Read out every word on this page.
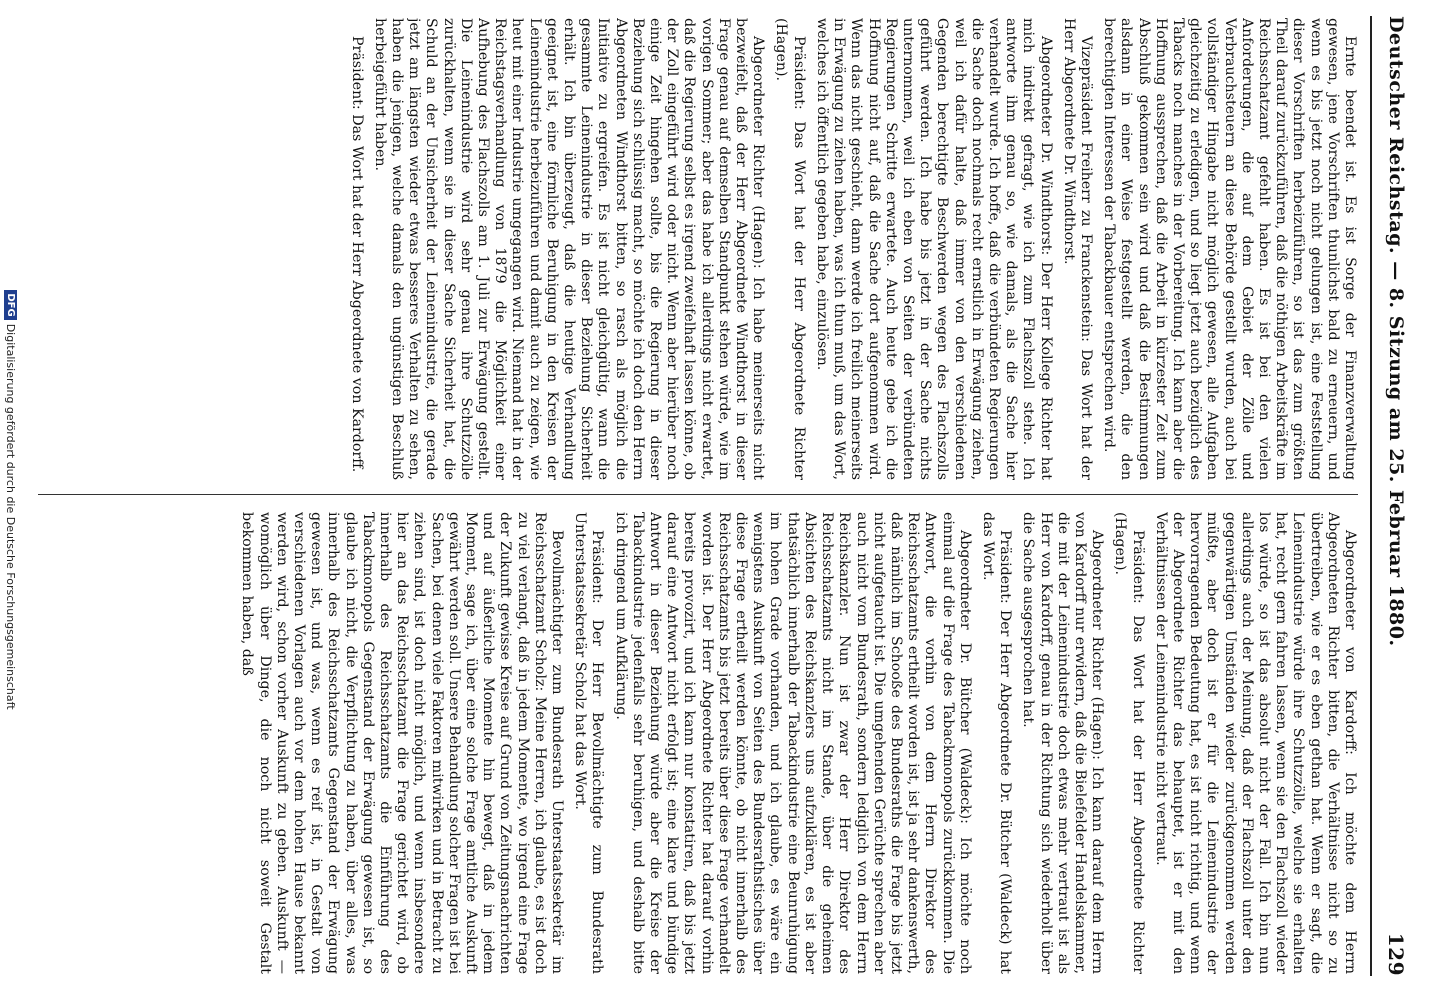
Deutscher Reichstag. — 8. Sitzung am 25. Februar 1880.
129

Ernte beendet ist. Es ist Sorge der Finanzverwaltung gewesen, jene Vorschriften thunlichst bald zu erneuern, und wenn es bis jetzt noch nicht gelungen ist, eine Feststellung dieser Vorschriften herbeizuführen, so ist das zum größten Theil darauf zurückzuführen, daß die nöthigen Arbeitskräfte im Reichsschatzamt gefehlt haben. Es ist bei den vielen Anforderungen, die auf dem Gebiet der Zölle und Verbrauchsteuern an diese Behörde gestellt wurden, auch bei vollständiger Hingabe nicht möglich gewesen, alle Aufgaben gleichzeitig zu erledigen, und so liegt jetzt auch bezüglich des Tabacks noch manches in der Vorbereitung. Ich kann aber die Hoffnung aussprechen, daß die Arbeit in kürzester Zeit zum Abschluß gekommen sein wird und daß die Bestimmungen alsdann in einer Weise festgestellt werden, die den berechtigten Interessen der Tabackbauer entsprechen wird.

Vizepräsident Freiherr zu Franckenstein: Das Wort hat der Herr Abgeordnete Dr. Windthorst.

Abgeordneter Dr. Windthorst: Der Herr Kollege Richter hat mich indirekt gefragt, wie ich zum Flachszoll stehe. Ich antworte ihm genau so, wie damals, als die Sache hier verhandelt wurde. Ich hoffe, daß die verbündeten Regierungen die Sache doch nochmals recht ernstlich in Erwägung ziehen, weil ich dafür halte, daß immer von den verschiedenen Gegenden berechtigte Beschwerden wegen des Flachszolls geführt werden. Ich habe bis jetzt in der Sache nichts unternommen, weil ich eben von Seiten der verbündeten Regierungen Schritte erwartete. Auch heute gebe ich die Hoffnung nicht auf, daß die Sache dort aufgenommen wird. Wenn das nicht geschieht, dann werde ich freilich meinerseits in Erwägung zu ziehen haben, was ich thun muß, um das Wort, welches ich öffentlich gegeben habe, einzulösen.

Präsident: Das Wort hat der Herr Abgeordnete Richter (Hagen).

Abgeordneter Richter (Hagen): Ich habe meinerseits nicht bezweifelt, daß der Herr Abgeordnete Windthorst in dieser Frage genau auf demselben Standpunkt stehen würde, wie im vorigen Sommer; aber das habe ich allerdings nicht erwartet, daß die Regierung selbst es irgend zweifelhaft lassen könne, ob der Zoll eingeführt wird oder nicht. Wenn aber hierüber noch einige Zeit hingehen sollte, bis die Regierung in dieser Beziehung sich schlüssig macht, so möchte ich doch den Herrn Abgeordneten Windthorst bitten, so rasch als möglich die Initiative zu ergreifen. Es ist nicht gleichgültig, wann die gesammte Leinenindustrie in dieser Beziehung Sicherheit erhält. Ich bin überzeugt, daß die heutige Verhandlung geeignet ist, eine förmliche Beruhigung in den Kreisen der Leinenindustrie herbeizuführen und damit auch zu zeigen, wie heut mit einer Industrie umgegangen wird. Niemand hat in der Reichstagsverhandlung von 1879 die Möglichkeit einer Aufhebung des Flachszolls am 1. Juli zur Erwägung gestellt. Die Leinenindustrie wird sehr genau ihre Schutzzölle zurückhalten, wenn sie in dieser Sache Sicherheit hat, die Schuld an der Unsicherheit der Leinenindustrie, die gerade jetzt am längsten wieder etwas besseres Verhalten zu sehen, haben die jenigen, welche damals den ungünstigen Beschluß herbeigeführt haben.

Präsident: Das Wort hat der Herr Abgeordnete von Kardorff.

Abgeordneter von Kardorff: Ich möchte dem Herrn Abgeordneten Richter bitten, die Verhältnisse nicht so zu übertreiben, wie er es eben gethan hat. Wenn er sagt, die Leinenindustrie würde ihre Schutzzölle, welche sie erhalten hat, recht gern fahren lassen, wenn sie den Flachszoll wieder los würde, so ist das absolut nicht der Fall. Ich bin nun allerdings auch der Meinung, daß der Flachszoll unter den gegenwärtigen Umständen wieder zurückgenommen werden müßte, aber doch ist er für die Leinenindustrie der hervorragenden Bedeutung hat, es ist nicht richtig, und wenn der Abgeordnete Richter das behauptet, ist er mit den Verhältnissen der Leinenindustrie nicht vertraut.

Präsident: Das Wort hat der Herr Abgeordnete Richter (Hagen).

Abgeordneter Richter (Hagen): Ich kann darauf dem Herrn von Kardorff nur erwidern, daß die Bielefelder Handelskammer, die mit der Leinenindustrie doch etwas mehr vertraut ist als Herr von Kardorff, genau in der Richtung sich wiederholt über die Sache ausgesprochen hat.

Präsident: Der Herr Abgeordnete Dr. Bütcher (Waldeck) hat das Wort.

Abgeordneter Dr. Bütcher (Waldeck): Ich möchte noch einmal auf die Frage des Tabackmonopols zurückkommen. Die Antwort, die vorhin von dem Herrn Direktor des Reichsschatzamts ertheilt worden ist, ist ja sehr dankenswerth, daß nämlich im Schooße des Bundesraths die Frage bis jetzt nicht aufgetaucht ist. Die umgehenden Gerüchte sprechen aber auch nicht vom Bundesrath, sondern lediglich von dem Herrn Reichskanzler. Nun ist zwar der Herr Direktor des Reichsschatzamts nicht im Stande, über die geheimen Absichten des Reichskanzlers uns aufzuklären, es ist aber thatsächlich innerhalb der Tabackindustrie eine Beunruhigung im hohen Grade vorhanden, und ich glaube, es wäre ein wenigstens Auskunft von Seiten des Bundesrathstisches über diese Frage ertheilt werden könnte, ob nicht innerhalb des Reichsschatzamts bis jetzt bereits über diese Frage verhandelt worden ist. Der Herr Abgeordnete Richter hat darauf vorhin bereits provozirt, und ich kann nur konstatiren, daß bis jetzt darauf eine Antwort nicht erfolgt ist; eine klare und bündige Antwort in dieser Beziehung würde aber die Kreise der Tabackindustrie jedenfalls sehr beruhigen, und deshalb bitte ich dringend um Aufklärung.

Präsident: Der Herr Bevollmächtigte zum Bundesrath Unterstaatssekretär Scholz hat das Wort.

Bevollmächtigter zum Bundesrath Unterstaatssekretär im Reichsschatzamt Scholz: Meine Herren, ich glaube, es ist doch zu viel verlangt, daß in jedem Momente, wo irgend eine Frage der Zukunft gewisse Kreise auf Grund von Zeitungsnachrichten und auf äußerliche Momente hin bewegt, daß in jedem Moment, sage ich, über eine solche Frage amtliche Auskunft gewährt werden soll. Unsere Behandlung solcher Fragen ist bei Sachen, bei denen viele Faktoren mitwirken und in Betracht zu ziehen sind, ist doch nicht möglich, und wenn insbesondere hier an das Reichsschatzamt die Frage gerichtet wird, ob innerhalb des Reichsschatzamts die Einführung des Tabackmonopols Gegenstand der Erwägung gewesen ist, so glaube ich nicht, die Verpflichtung zu haben, über alles, was innerhalb des Reichsschatzamts Gegenstand der Erwägung gewesen ist, und was, wenn es reif ist, in Gestalt von verschiedenen Vorlagen auch vor dem hohen Hause bekannt werden wird, schon vorher Auskunft zu geben. Auskunft — womöglich über Dinge, die noch nicht soweit Gestalt bekommen haben, daß

DFGDigitalisierung gefördert durch die Deutsche Forschungsgemeinschaft
